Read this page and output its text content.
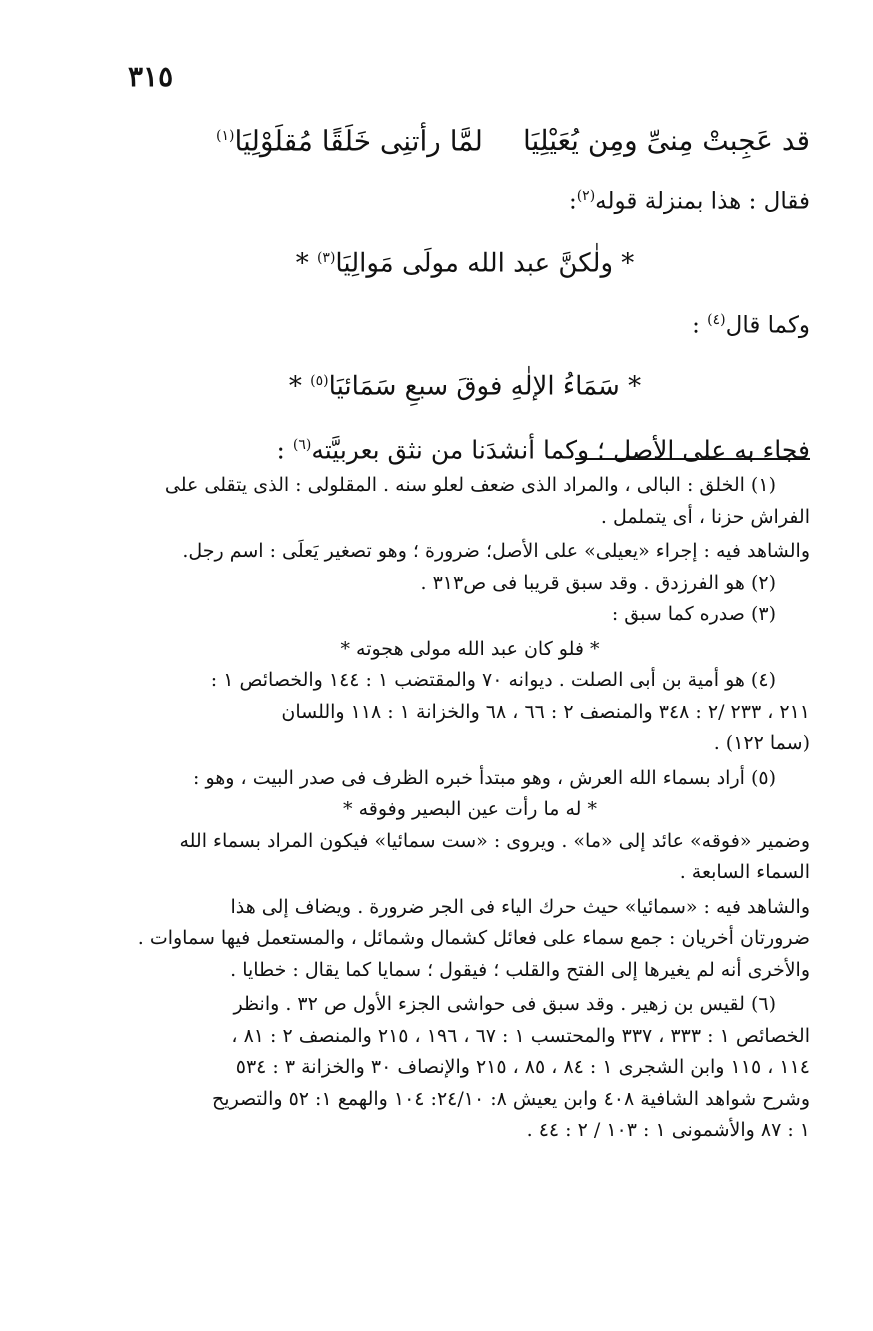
٣١٥
قد عَجِبتْ مِنىِّ ومِن يُعَيْلِيَالمَّا رأتنِى خَلَقًا مُقلَوْلِيَا$^{(١)}$
فقال : هذا بمنزلة قوله$^{(٢)}$:
* ولٰكنَّ عبد الله مولَى مَوالِيَا$^{(٣)}$ *
وكما قال$^{(٤)}$ :
* سَمَاءُ الإلٰهِ فوقَ سبعِ سَمَائيَا$^{(٥)}$ *
فجاء به على الأصل ؛ وكما أنشدَنا من نثق بعربيَّته$^{(٦)}$ :
(١) الخلق : البالى ، والمراد الذى ضعف لعلو سنه . المقلولى : الذى يتقلى على
الفراش حزنا ، أى يتململ .
والشاهد فيه : إجراء «يعيلى» على الأصل؛ ضرورة ؛ وهو تصغير يَعلَى : اسم رجل.
(٢) هو الفرزدق . وقد سبق قريبا فى ص٣١٣ .
(٣) صدره كما سبق :
* فلو كان عبد الله مولى هجوته *
(٤) هو أمية بن أبى الصلت . ديوانه ٧٠ والمقتضب ١ : ١٤٤ والخصائص ١ :
٢١١ ، ٢٣٣ /٢ : ٣٤٨ والمنصف ٢ : ٦٦ ، ٦٨ والخزانة ١ : ١١٨ واللسان
(سما ١٢٢) .
(٥) أراد بسماء الله العرش ، وهو مبتدأ خبره الظرف فى صدر البيت ، وهو :
* له ما رأت عين البصير وفوقه *
وضمير «فوقه» عائد إلى «ما» . ويروى : «ست سمائيا» فيكون المراد بسماء الله
السماء السابعة .
والشاهد فيه : «سمائيا» حيث حرك الياء فى الجر ضرورة . ويضاف إلى هذا
ضرورتان أخريان : جمع سماء على فعائل كشمال وشمائل ، والمستعمل فيها سماوات .
والأخرى أنه لم يغيرها إلى الفتح والقلب ؛ فيقول ؛ سمايا كما يقال : خطايا .
(٦) لقيس بن زهير . وقد سبق فى حواشى الجزء الأول ص ٣٢ . وانظر
الخصائص ١ : ٣٣٣ ، ٣٣٧ والمحتسب ١ : ٦٧ ، ١٩٦ ، ٢١٥ والمنصف ٢ : ٨١ ،
١١٤ ، ١١٥ وابن الشجرى ١ : ٨٤ ، ٨٥ ، ٢١٥ والإنصاف ٣٠ والخزانة ٣ : ٥٣٤
وشرح شواهد الشافية ٤٠٨ وابن يعيش ٨: ٢٤/١٠: ١٠٤ والهمع ١: ٥٢ والتصريح
١ : ٨٧ والأشمونى ١ : ١٠٣ / ٢ : ٤٤ .
